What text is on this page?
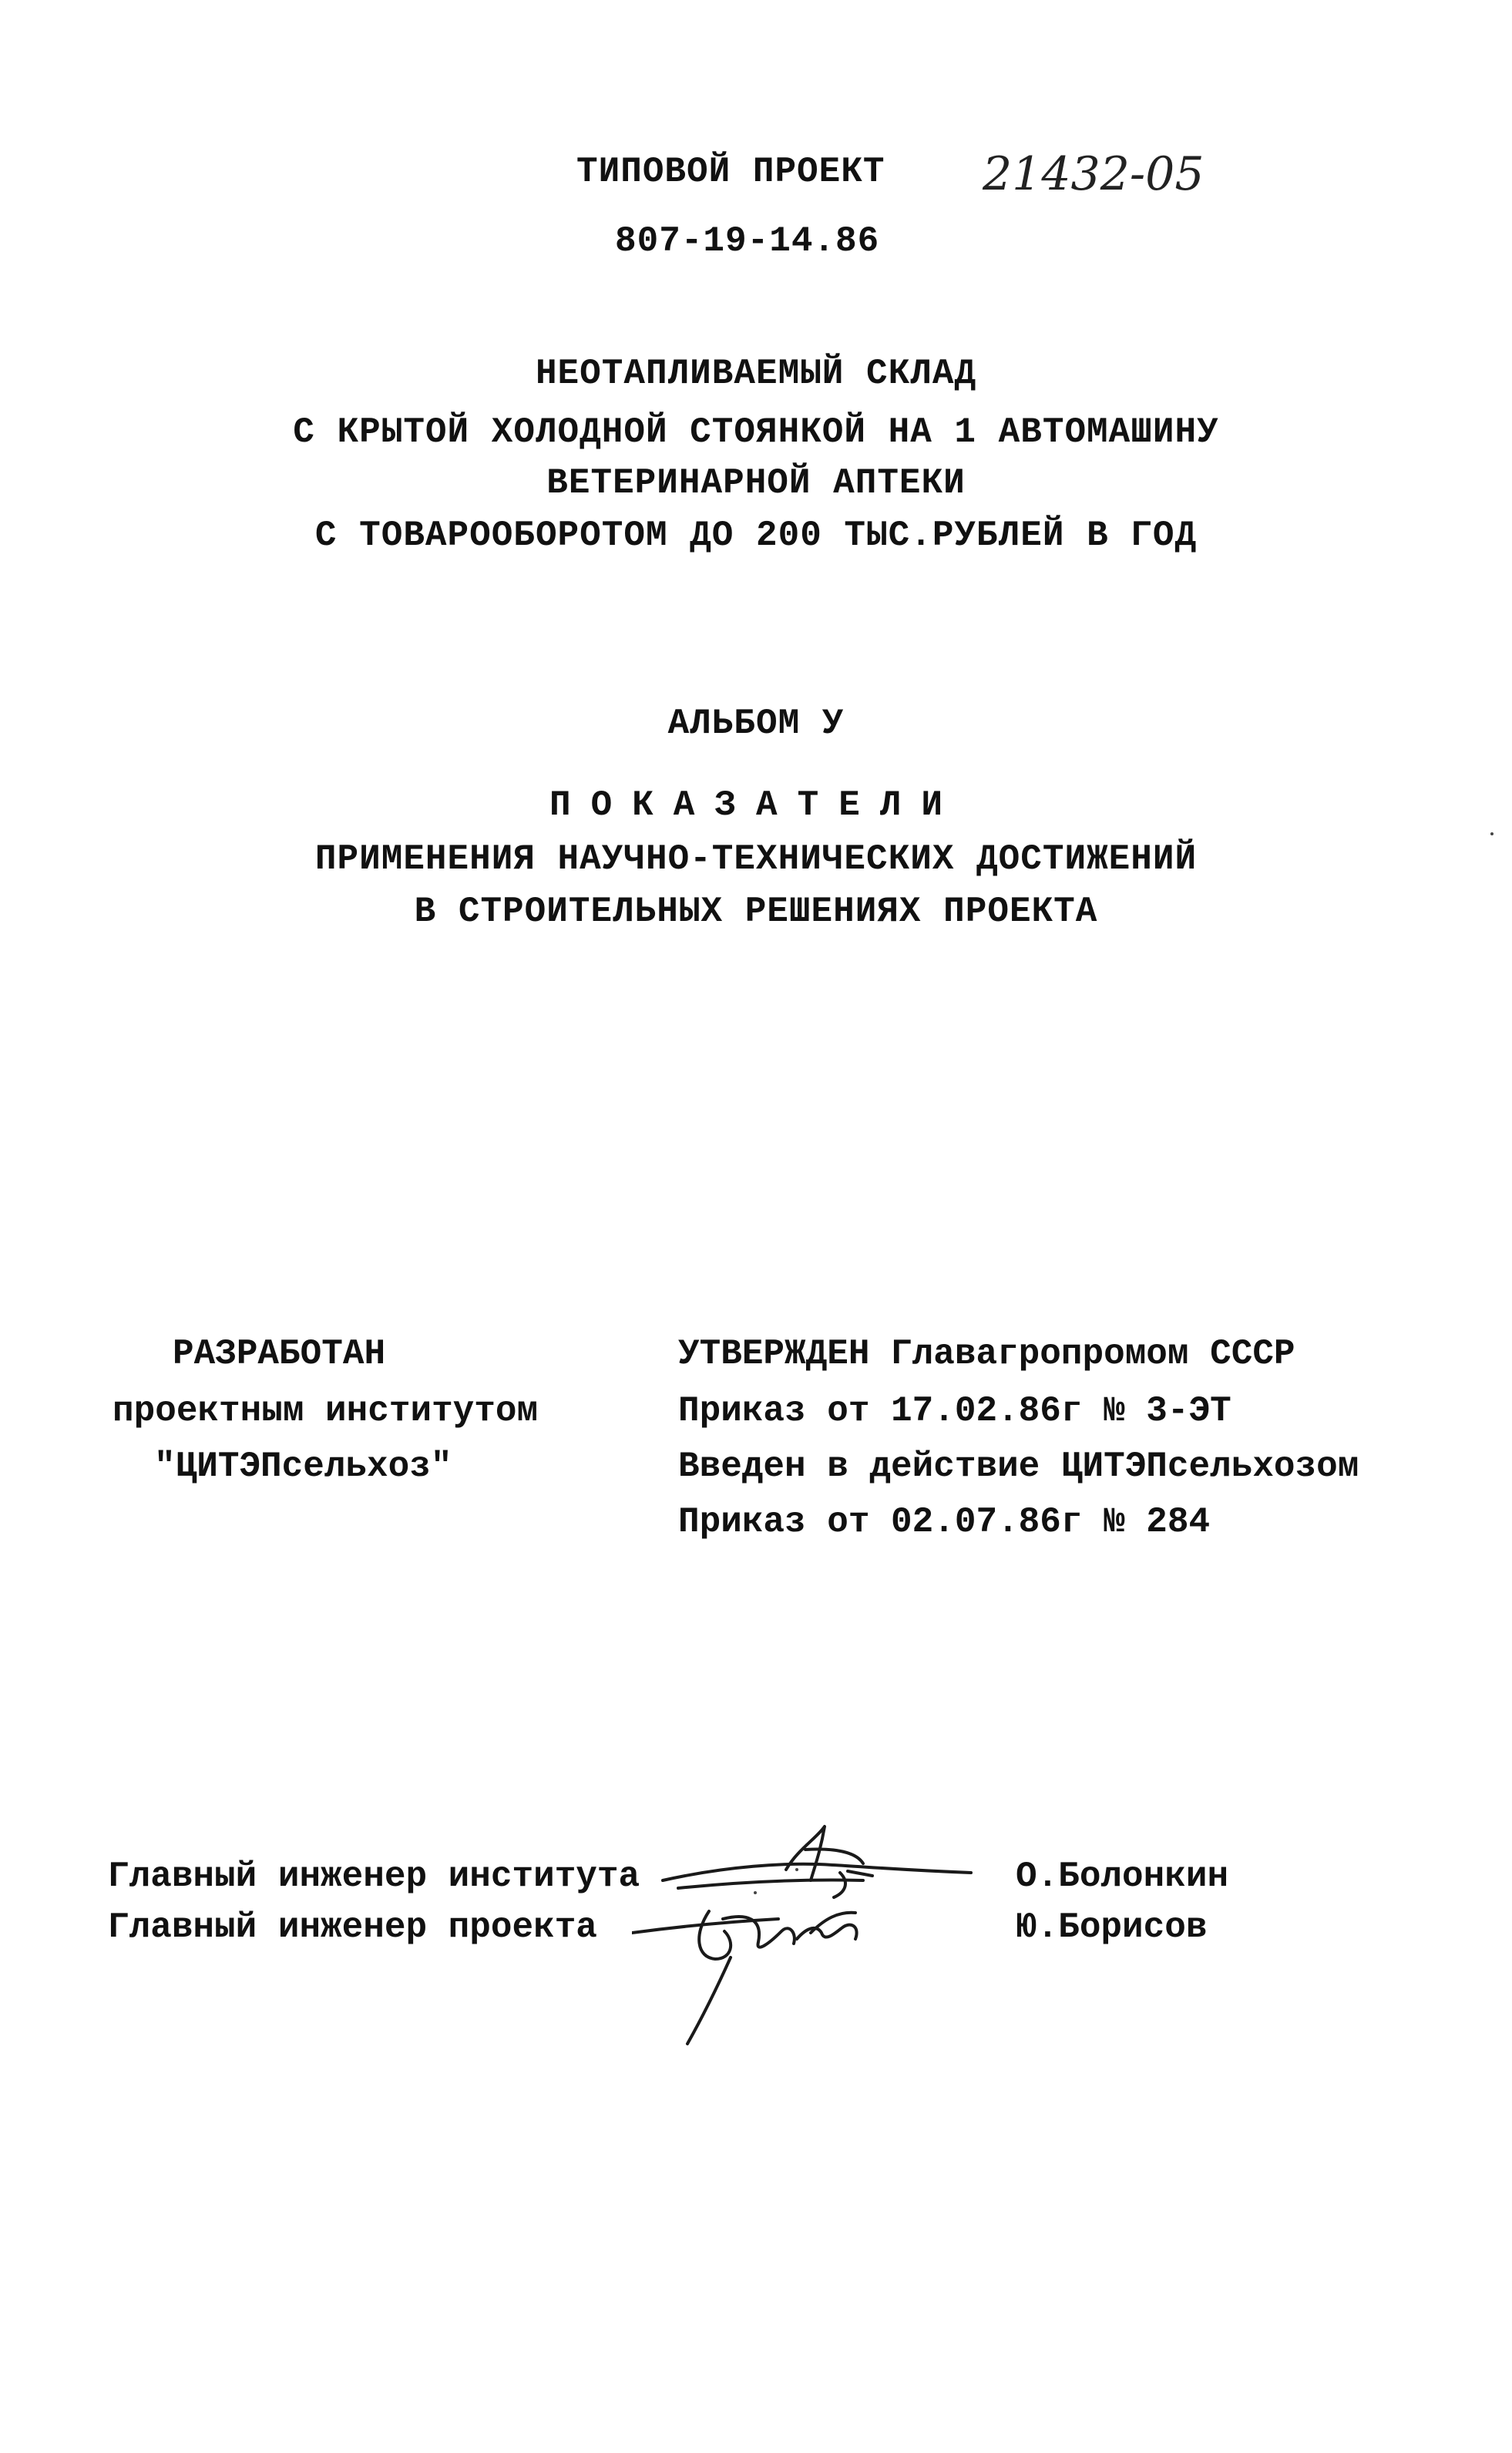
ТИПОВОЙ ПРОЕКТ 21432-05
807-19-14.86
НЕОТАПЛИВАЕМЫЙ СКЛАД
С КРЫТОЙ ХОЛОДНОЙ СТОЯНКОЙ НА 1 АВТОМАШИНУ
ВЕТЕРИНАРНОЙ АПТЕКИ
С ТОВАРООБОРОТОМ ДО 200 ТЫС.РУБЛЕЙ В ГОД
АЛЬБОМ У
ПОКАЗАТЕЛИ
ПРИМЕНЕНИЯ НАУЧНО-ТЕХНИЧЕСКИХ ДОСТИЖЕНИЙ
В СТРОИТЕЛЬНЫХ РЕШЕНИЯХ ПРОЕКТА
РАЗРАБОТАН
проектным институтом
"ЦИТЭПсельхоз"
УТВЕРЖДЕН Главагропромом СССР
Приказ от 17.02.86г № 3-ЭТ
Введен в действие ЦИТЭПсельхозом
Приказ от 02.07.86г № 284
Главный инженер института	О.Болонкин
Главный инженер проекта	Ю.Борисов
